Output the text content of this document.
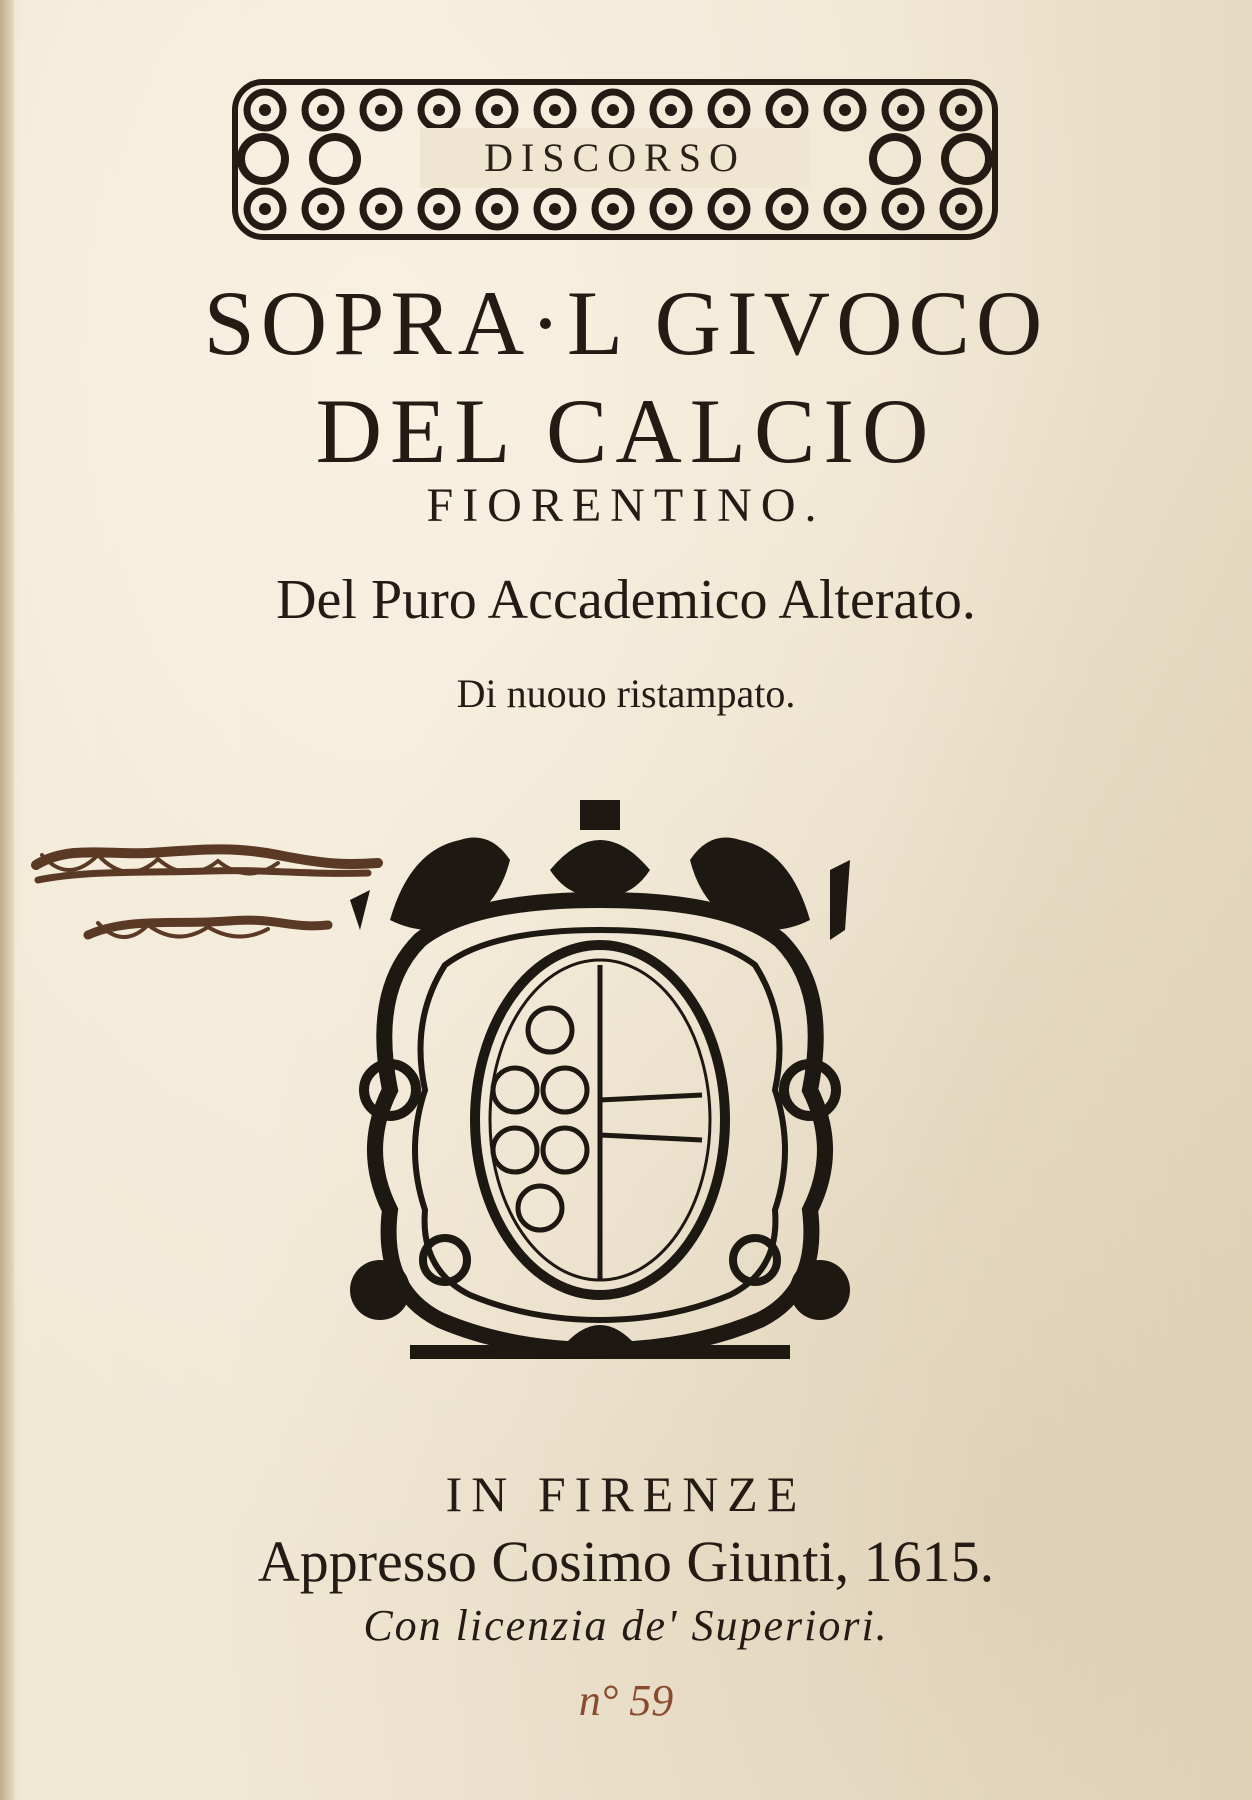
DISCORSO
SOPRA·L GIVOCO
DEL CALCIO
FIORENTINO.
Del Puro Accademico Alterato.
Di nuouo ristampato.
IN FIRENZE
Appresso Cosimo Giunti, 1615.
Con licenzia de' Superiori.
n° 59
